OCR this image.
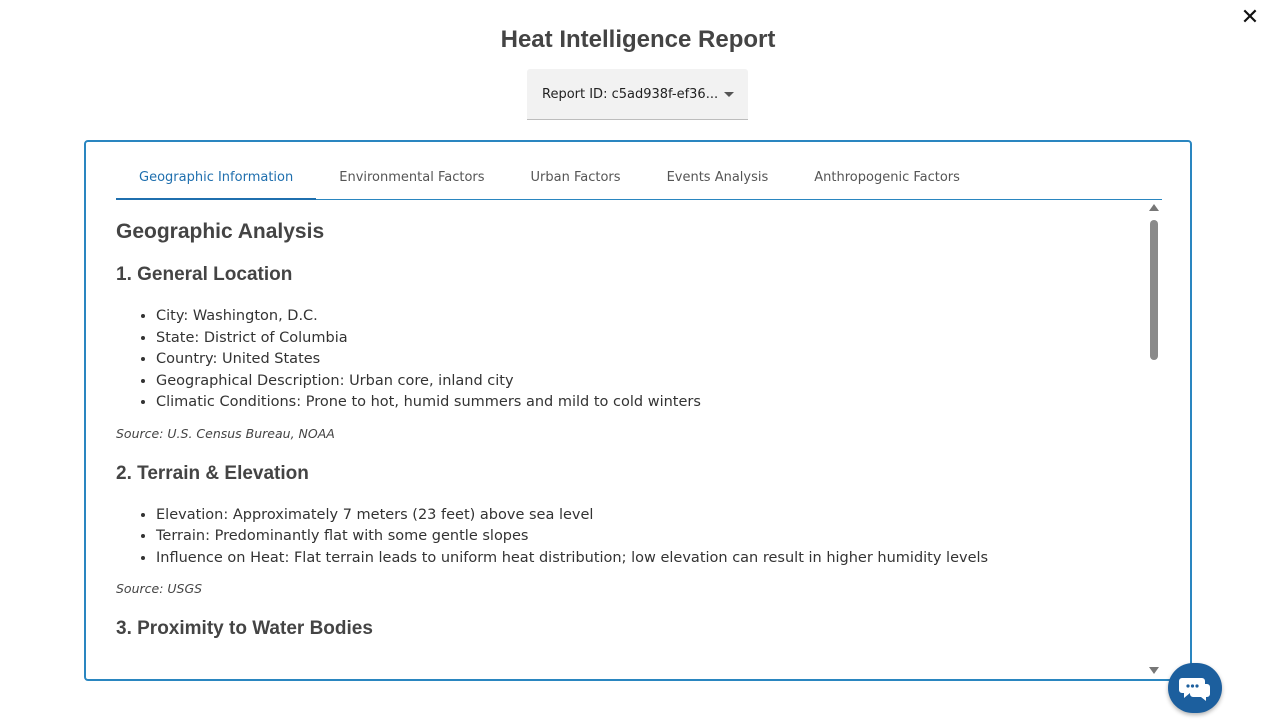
✕
Heat Intelligence Report
Report ID: c5ad938f-ef36...
Geographic Information	Environmental Factors	Urban Factors	Events Analysis	Anthropogenic Factors
Geographic Analysis
1. General Location
• City: Washington, D.C.
• State: District of Columbia
• Country: United States
• Geographical Description: Urban core, inland city
• Climatic Conditions: Prone to hot, humid summers and mild to cold winters

Source: U.S. Census Bureau, NOAA

2. Terrain & Elevation
• Elevation: Approximately 7 meters (23 feet) above sea level
• Terrain: Predominantly flat with some gentle slopes
• Influence on Heat: Flat terrain leads to uniform heat distribution; low elevation can result in higher humidity levels

Source: USGS

3. Proximity to Water Bodies
